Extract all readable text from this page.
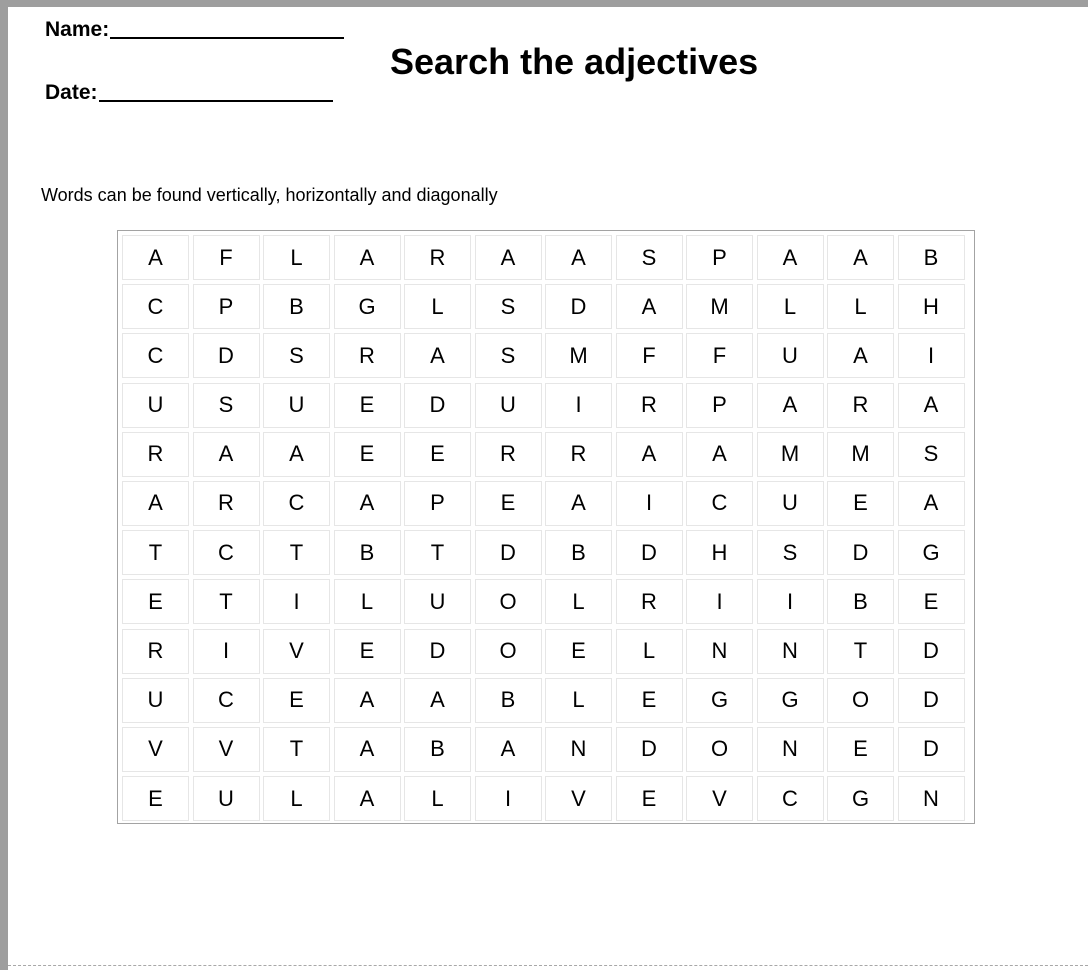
Name:
Date:
Search the adjectives
Words can be found vertically, horizontally and diagonally
A	F	L	A	R	A	A	S	P	A	A	B
C	P	B	G	L	S	D	A	M	L	L	H
C	D	S	R	A	S	M	F	F	U	A	I
U	S	U	E	D	U	I	R	P	A	R	A
R	A	A	E	E	R	R	A	A	M	M	S
A	R	C	A	P	E	A	I	C	U	E	A
T	C	T	B	T	D	B	D	H	S	D	G
E	T	I	L	U	O	L	R	I	I	B	E
R	I	V	E	D	O	E	L	N	N	T	D
U	C	E	A	A	B	L	E	G	G	O	D
V	V	T	A	B	A	N	D	O	N	E	D
E	U	L	A	L	I	V	E	V	C	G	N
